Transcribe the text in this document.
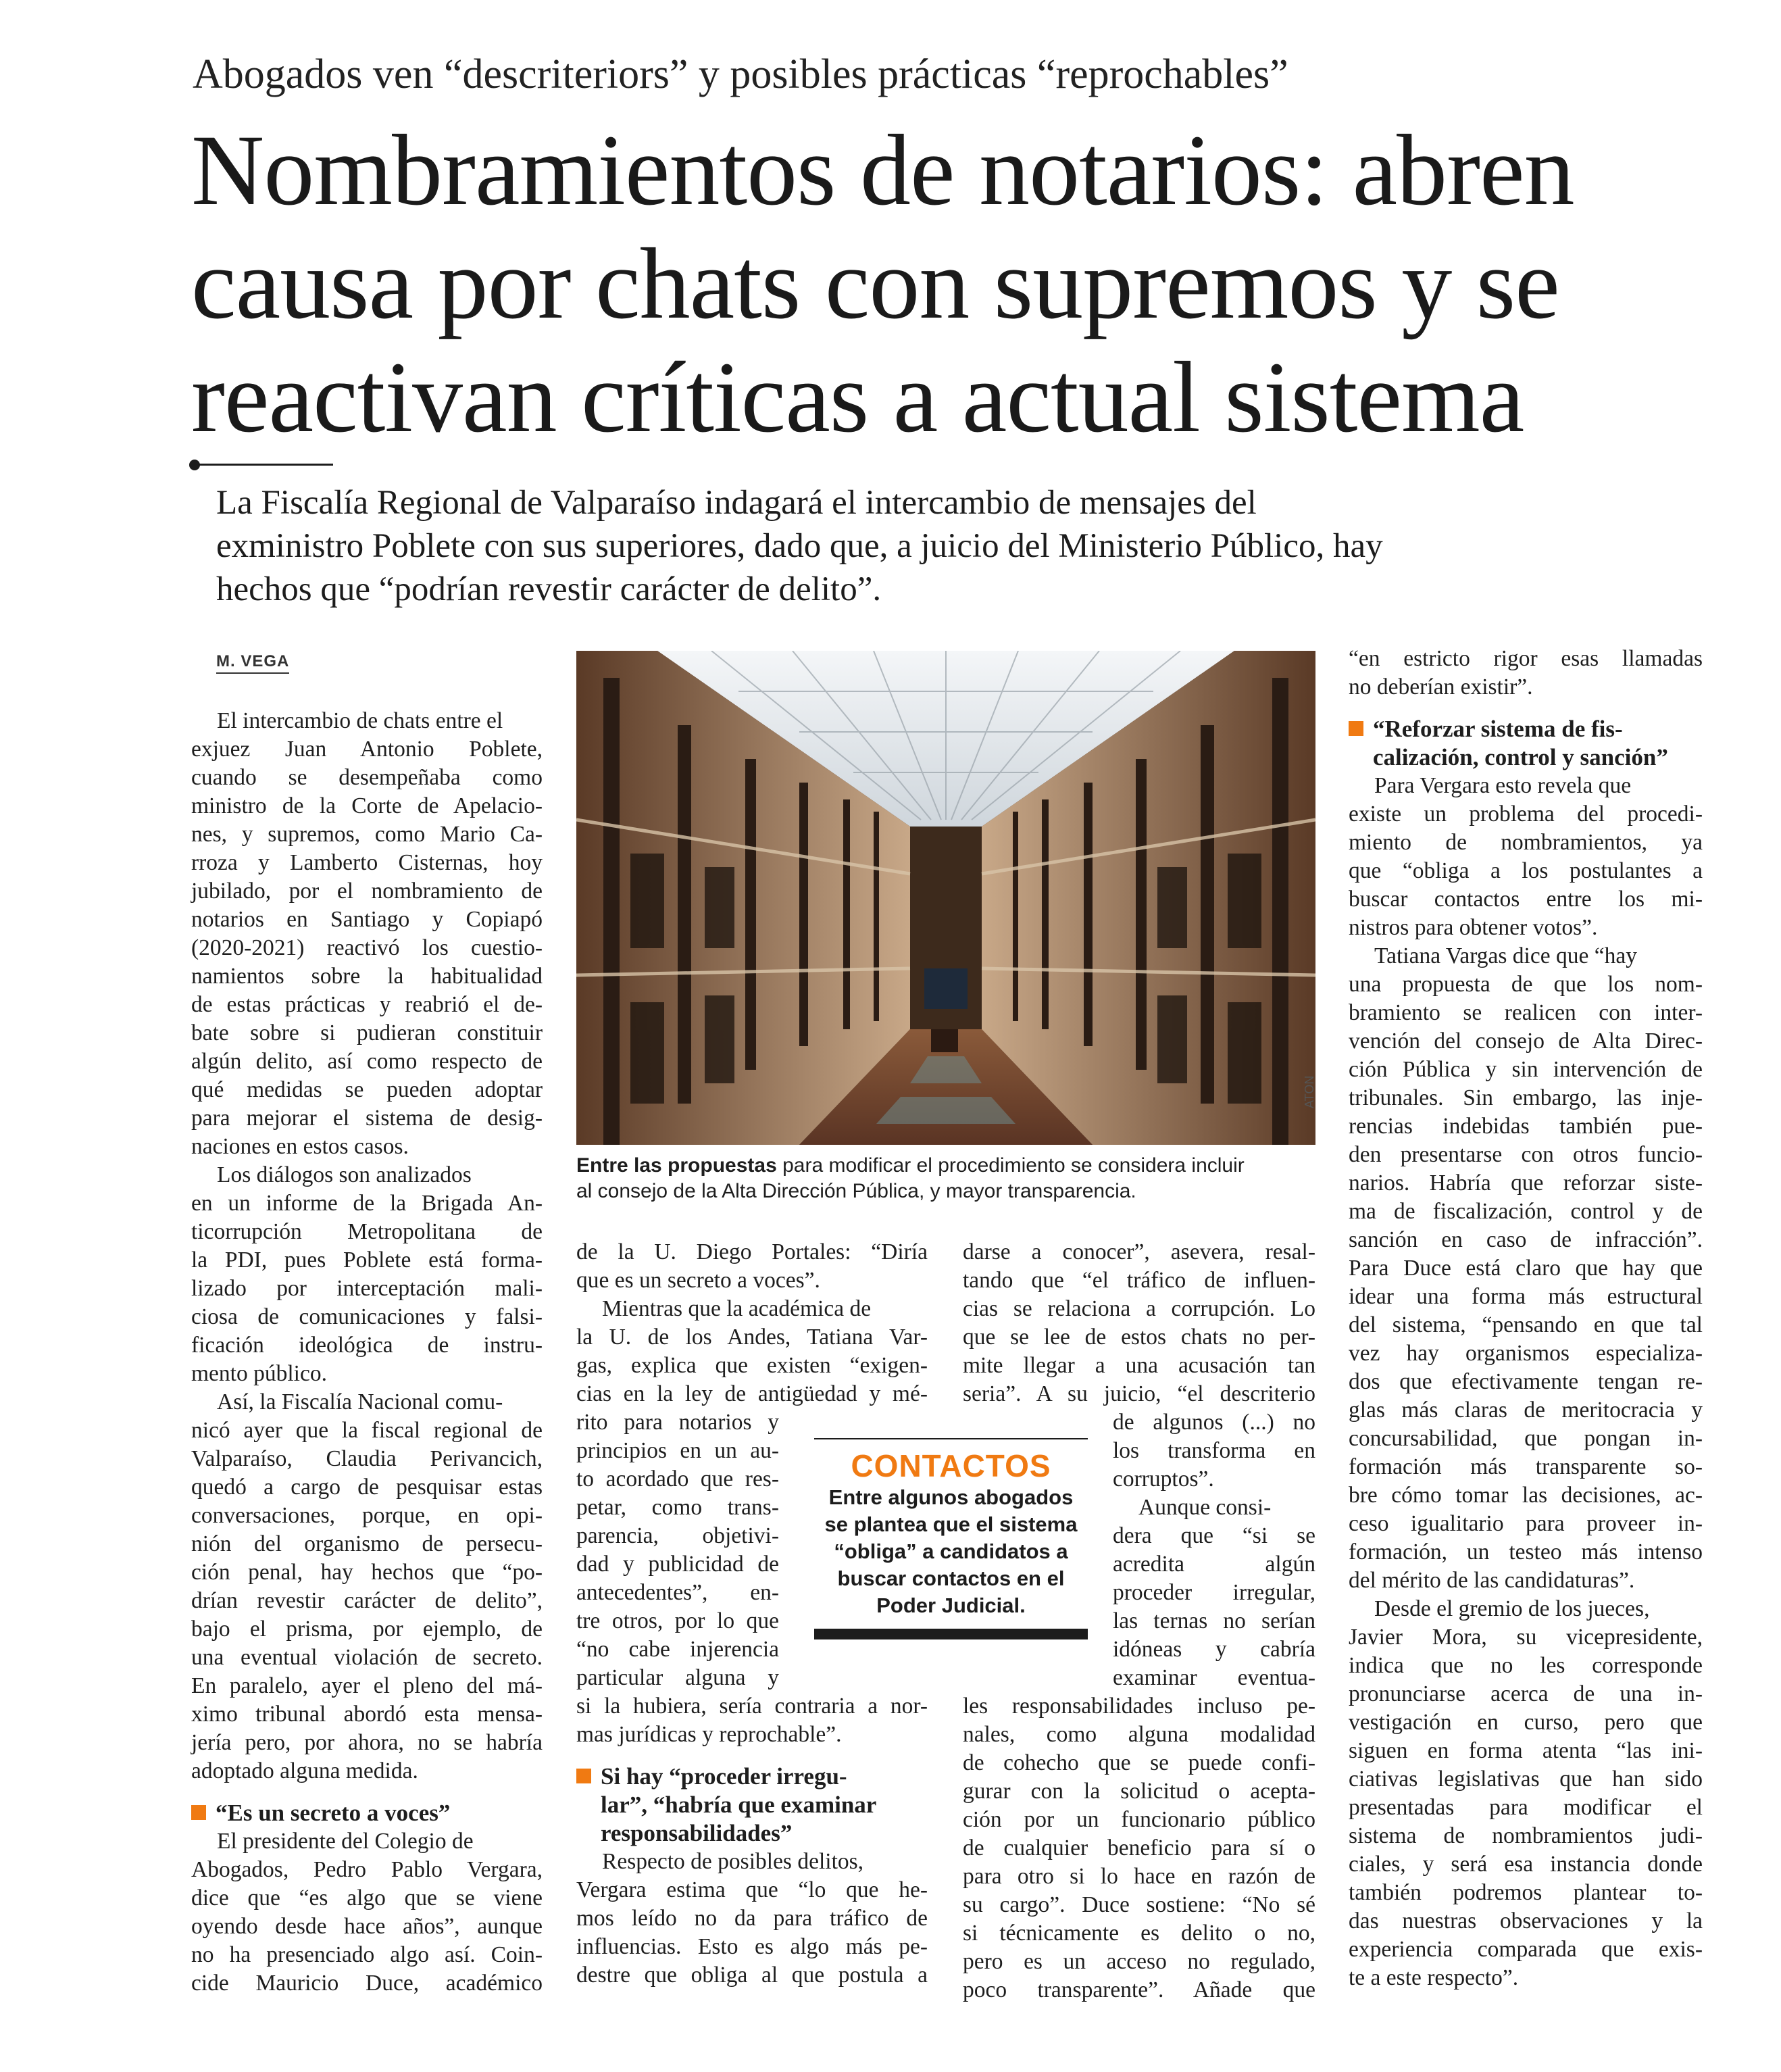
Abogados ven “descriteriors” y posibles prácticas “reprochables”
Nombramientos de notarios: abren
causa por chats con supremos y se
reactivan críticas a actual sistema
La Fiscalía Regional de Valparaíso indagará el intercambio de mensajes del
exministro Poblete con sus superiores, dado que, a juicio del Ministerio Público, hay
hechos que “podrían revestir carácter de delito”.
M. VEGA
El intercambio de chats entre el
exjuez Juan Antonio Poblete,
cuando se desempeñaba como
ministro de la Corte de Apelacio-
nes, y supremos, como Mario Ca-
rroza y Lamberto Cisternas, hoy
jubilado, por el nombramiento de
notarios en Santiago y Copiapó
(2020-2021) reactivó los cuestio-
namientos sobre la habitualidad
de estas prácticas y reabrió el de-
bate sobre si pudieran constituir
algún delito, así como respecto de
qué medidas se pueden adoptar
para mejorar el sistema de desig-
naciones en estos casos.
Los diálogos son analizados
en un informe de la Brigada An-
ticorrupción Metropolitana de
la PDI, pues Poblete está forma-
lizado por interceptación mali-
ciosa de comunicaciones y falsi-
ficación ideológica de instru-
mento público.
Así, la Fiscalía Nacional comu-
nicó ayer que la fiscal regional de
Valparaíso, Claudia Perivancich,
quedó a cargo de pesquisar estas
conversaciones, porque, en opi-
nión del organismo de persecu-
ción penal, hay hechos que “po-
drían revestir carácter de delito”,
bajo el prisma, por ejemplo, de
una eventual violación de secreto.
En paralelo, ayer el pleno del má-
ximo tribunal abordó esta mensa-
jería pero, por ahora, no se habría
adoptado alguna medida.
“Es un secreto a voces”
El presidente del Colegio de
Abogados, Pedro Pablo Vergara,
dice que “es algo que se viene
oyendo desde hace años”, aunque
no ha presenciado algo así. Coin-
cide Mauricio Duce, académico
de la U. Diego Portales: “Diría
que es un secreto a voces”.
Mientras que la académica de
la U. de los Andes, Tatiana Var-
gas, explica que existen “exigen-
cias en la ley de antigüedad y mé-
rito para notarios y
principios en un au-
to acordado que res-
petar, como trans-
parencia, objetivi-
dad y publicidad de
antecedentes”, en-
tre otros, por lo que
“no cabe injerencia
particular alguna y
si la hubiera, sería contraria a nor-
mas jurídicas y reprochable”.
Si hay “proceder irregu-
lar”, “habría que examinar
responsabilidades”
Respecto de posibles delitos,
Vergara estima que “lo que he-
mos leído no da para tráfico de
influencias. Esto es algo más pe-
destre que obliga al que postula a
darse a conocer”, asevera, resal-
tando que “el tráfico de influen-
cias se relaciona a corrupción. Lo
que se lee de estos chats no per-
mite llegar a una acusación tan
seria”. A su juicio, “el descriterio
de algunos (...) no
los transforma en
corruptos”.
Aunque consi-
dera que “si se
acredita algún
proceder irregular,
las ternas no serían
idóneas y cabría
examinar eventua-
les responsabilidades incluso pe-
nales, como alguna modalidad
de cohecho que se puede confi-
gurar con la solicitud o acepta-
ción por un funcionario público
de cualquier beneficio para sí o
para otro si lo hace en razón de
su cargo”. Duce sostiene: “No sé
si técnicamente es delito o no,
pero es un acceso no regulado,
poco transparente”. Añade que
“en estricto rigor esas llamadas
no deberían existir”.
“Reforzar sistema de fis-
calización, control y sanción”
Para Vergara esto revela que
existe un problema del procedi-
miento de nombramientos, ya
que “obliga a los postulantes a
buscar contactos entre los mi-
nistros para obtener votos”.
Tatiana Vargas dice que “hay
una propuesta de que los nom-
bramiento se realicen con inter-
vención del consejo de Alta Direc-
ción Pública y sin intervención de
tribunales. Sin embargo, las inje-
rencias indebidas también pue-
den presentarse con otros funcio-
narios. Habría que reforzar siste-
ma de fiscalización, control y de
sanción en caso de infracción”.
Para Duce está claro que hay que
idear una forma más estructural
del sistema, “pensando en que tal
vez hay organismos especializa-
dos que efectivamente tengan re-
glas más claras de meritocracia y
concursabilidad, que pongan in-
formación más transparente so-
bre cómo tomar las decisiones, ac-
ceso igualitario para proveer in-
formación, un testeo más intenso
del mérito de las candidaturas”.
Desde el gremio de los jueces,
Javier Mora, su vicepresidente,
indica que no les corresponde
pronunciarse acerca de una in-
vestigación en curso, pero que
siguen en forma atenta “las ini-
ciativas legislativas que han sido
presentadas para modificar el
sistema de nombramientos judi-
ciales, y será esa instancia donde
también podremos plantear to-
das nuestras observaciones y la
experiencia comparada que exis-
te a este respecto”.
ATON
Entre las propuestas para modificar el procedimiento se considera incluir
al consejo de la Alta Dirección Pública, y mayor transparencia.
CONTACTOS
Entre algunos abogados
se plantea que el sistema
“obliga” a candidatos a
buscar contactos en el
Poder Judicial.
